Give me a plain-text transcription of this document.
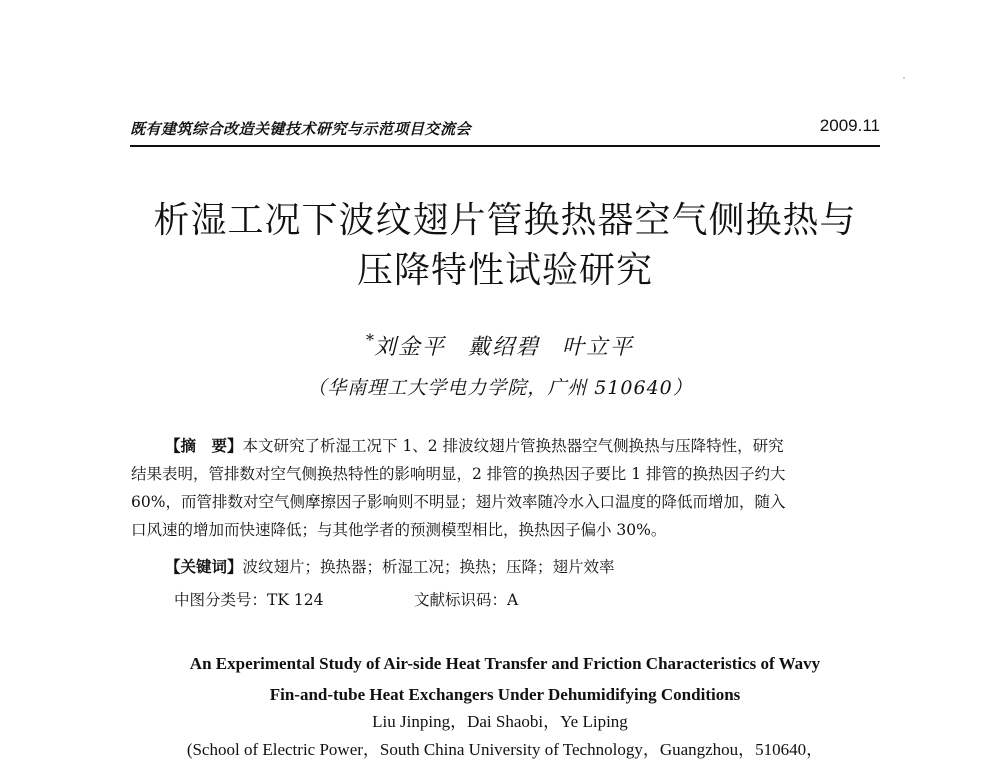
既有建筑综合改造关键技术研究与示范项目交流会	2009.11
析湿工况下波纹翅片管换热器空气侧换热与
压降特性试验研究
*刘金平 戴绍碧 叶立平
（华南理工大学电力学院，广州 510640）
【摘　要】本文研究了析湿工况下 1、2 排波纹翅片管换热器空气侧换热与压降特性，研究
结果表明，管排数对空气侧换热特性的影响明显，2 排管的换热因子要比 1 排管的换热因子约大
60%，而管排数对空气侧摩擦因子影响则不明显；翅片效率随冷水入口温度的降低而增加，随入
口风速的增加而快速降低；与其他学者的预测模型相比，换热因子偏小 30%。
【关键词】波纹翅片；换热器；析湿工况；换热；压降；翅片效率
中图分类号：TK 124	文献标识码：A
An Experimental Study of Air-side Heat Transfer and Friction Characteristics of Wavy
Fin-and-tube Heat Exchangers Under Dehumidifying Conditions
Liu Jinping，Dai Shaobi，Ye Liping
(School of Electric Power，South China University of Technology，Guangzhou，510640，
